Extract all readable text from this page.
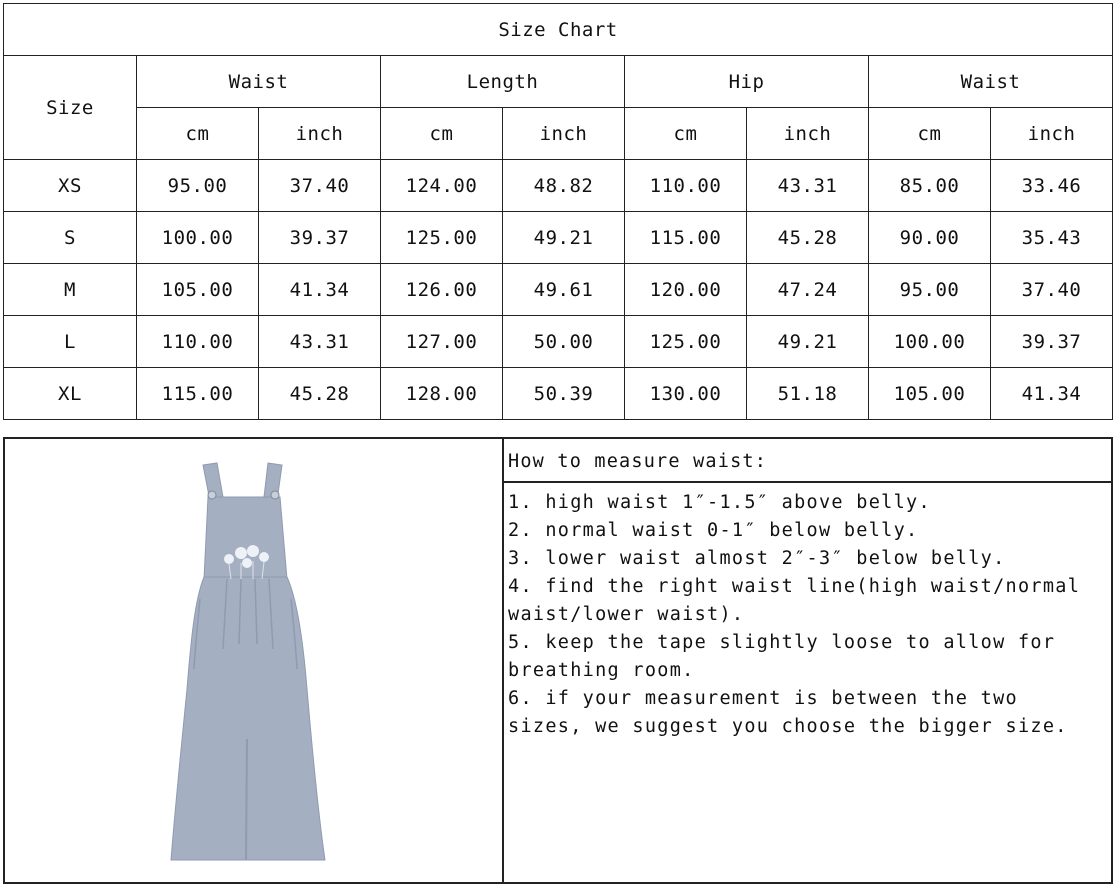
Size Chart								
Size	Waist		Length		Hip		Waist	
	cm	inch	cm	inch	cm	inch	cm	inch
XS	95.00	37.40	124.00	48.82	110.00	43.31	85.00	33.46
S	100.00	39.37	125.00	49.21	115.00	45.28	90.00	35.43
M	105.00	41.34	126.00	49.61	120.00	47.24	95.00	37.40
L	110.00	43.31	127.00	50.00	125.00	49.21	100.00	39.37
XL	115.00	45.28	128.00	50.39	130.00	51.18	105.00	41.34
How to measure waist:
1. high waist 1″-1.5″ above belly.
2. normal waist 0-1″ below belly.
3. lower waist almost 2″-3″ below belly.
4. find the right waist line(high waist/normal waist/lower waist).
5. keep the tape slightly loose to allow for breathing room.
6. if your measurement is between the two sizes, we suggest you choose the bigger size.
